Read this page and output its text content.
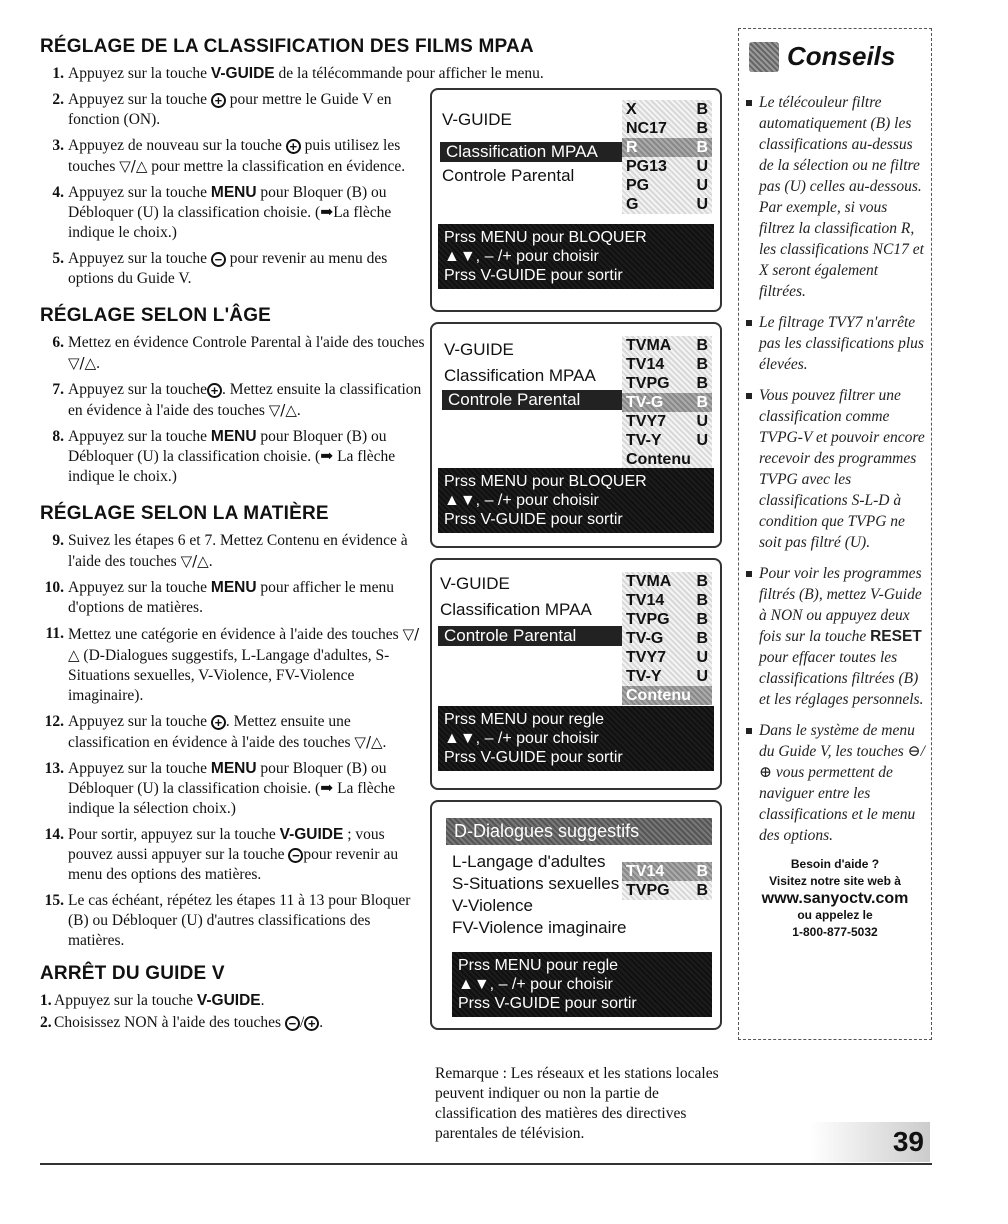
RÉGLAGE DE LA CLASSIFICATION DES FILMS MPAA
1. Appuyez sur la touche V-GUIDE de la télécommande pour afficher le menu.
2. Appuyez sur la touche + pour mettre le Guide V en fonction (ON).
3. Appuyez de nouveau sur la touche + puis utilisez les touches ▽/△ pour mettre la classification en évidence.
4. Appuyez sur la touche MENU pour Bloquer (B) ou Débloquer (U) la classification choisie. (➡La flèche indique le choix.)
5. Appuyez sur la touche − pour revenir au menu des options du Guide V.
RÉGLAGE SELON L'ÂGE
6. Mettez en évidence Controle Parental à l'aide des touches ▽/△.
7. Appuyez sur la touche + . Mettez ensuite la classification en évidence à l'aide des touches ▽/△.
8. Appuyez sur la touche MENU pour Bloquer (B) ou Débloquer (U) la classification choisie. (➡ La flèche indique le choix.)
RÉGLAGE SELON LA MATIÈRE
9. Suivez les étapes 6 et 7. Mettez Contenu en évidence à l'aide des touches ▽/△.
10. Appuyez sur la touche MENU pour afficher le menu d'options de matières.
11. Mettez une catégorie en évidence à l'aide des touches ▽/△ (D-Dialogues suggestifs, L-Langage d'adultes, S-Situations sexuelles, V-Violence, FV-Violence imaginaire).
12. Appuyez sur la touche + . Mettez ensuite une classification en évidence à l'aide des touches ▽/△.
13. Appuyez sur la touche MENU pour Bloquer (B) ou Débloquer (U) la classification choisie. (➡ La flèche indique la sélection choix.)
14. Pour sortir, appuyez sur la touche V-GUIDE ; vous pouvez aussi appuyer sur la touche − pour revenir au menu des options des matières.
15. Le cas échéant, répétez les étapes 11 à 13 pour Bloquer (B) ou Débloquer (U) d'autres classifications des matières.
ARRÊT DU GUIDE V
1. Appuyez sur la touche V-GUIDE.
2. Choisissez NON à l'aide des touches − / + .
V-GUIDE
Classification MPAA
Controle Parental
X	B
NC17 B
R	B
PG13 U
PG	U
G	U
Prss MENU pour BLOQUER
▲▼, – /+ pour choisir
Prss V-GUIDE pour sortir
V-GUIDE
Classification MPAA
Controle Parental
TVMA B
TV14 B
TVPG B
TV-G B
TVY7 U
TV-Y U
Contenu
Prss MENU pour BLOQUER
▲▼, – /+ pour choisir
Prss V-GUIDE pour sortir
V-GUIDE
Classification MPAA
Controle Parental
TVMA B
TV14 B
TVPG B
TV-G B
TVY7 U
TV-Y U
Contenu
Prss MENU pour regle
▲▼, – /+ pour choisir
Prss V-GUIDE pour sortir
D-Dialogues suggestifs
L-Langage d'adultes
S-Situations sexuelles
V-Violence
FV-Violence imaginaire
TV14 B
TVPG B
Prss MENU pour regle
▲▼, – /+ pour choisir
Prss V-GUIDE pour sortir
Remarque : Les réseaux et les stations locales peuvent indiquer ou non la partie de classification des matières des directives parentales de télévision.
Conseils
Le télécouleur filtre automatiquement (B) les classifications au-dessus de la sélection ou ne filtre pas (U) celles au-dessous. Par exemple, si vous filtrez la classification R, les classifications NC17 et X seront également filtrées.
Le filtrage TVY7 n'arrête pas les classifications plus élevées.
Vous pouvez filtrer une classification comme TVPG-V et pouvoir encore recevoir des programmes TVPG avec les classifications S-L-D à condition que TVPG ne soit pas filtré (U).
Pour voir les programmes filtrés (B), mettez V-Guide à NON ou appuyez deux fois sur la touche RESET pour effacer toutes les classifications filtrées (B) et les réglages personnels.
Dans le système de menu du Guide V, les touches ⊖/⊕ vous permettent de naviguer entre les classifications et le menu des options.
Besoin d'aide ?
Visitez notre site web à
www.sanyoctv.com
ou appelez le
1-800-877-5032
39
